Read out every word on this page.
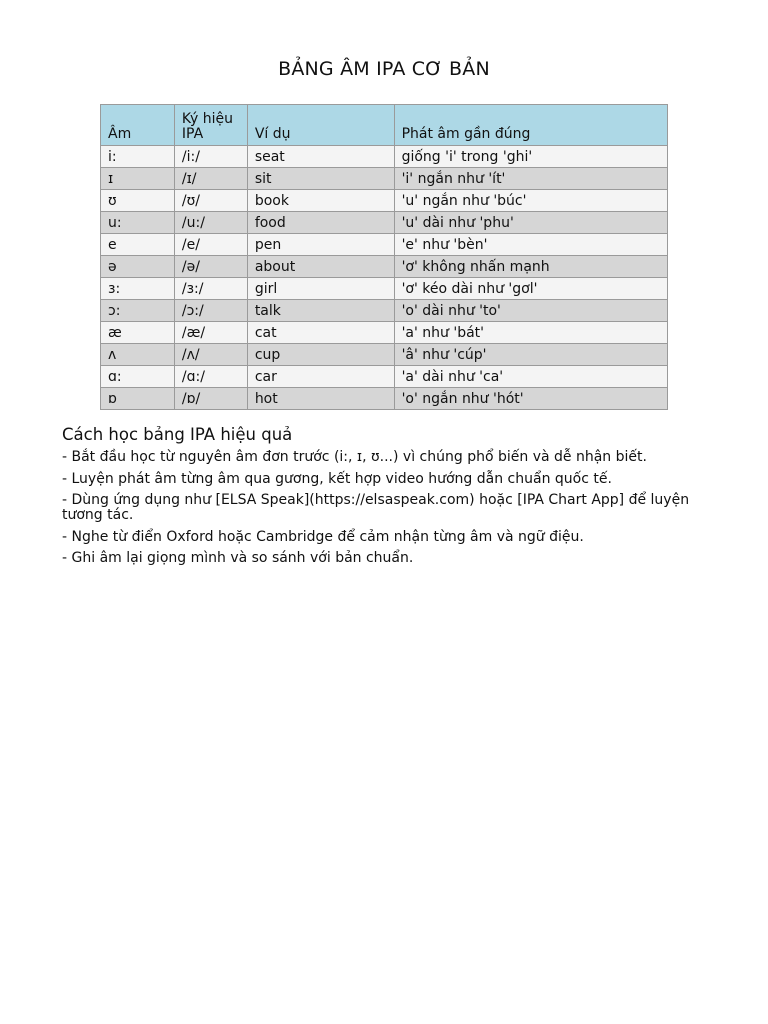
BẢNG ÂM IPA CƠ BẢN
Âm	Ký hiệu IPA	Ví dụ	Phát âm gần đúng
i:	/i:/	seat	giống 'i' trong 'ghi'
ɪ	/ɪ/	sit	'i' ngắn như 'ít'
ʊ	/ʊ/	book	'u' ngắn như 'búc'
u:	/u:/	food	'u' dài như 'phu'
e	/e/	pen	'e' như 'bèn'
ə	/ə/	about	'ơ' không nhấn mạnh
ɜ:	/ɜ:/	girl	'ơ' kéo dài như 'gơl'
ɔ:	/ɔ:/	talk	'o' dài như 'to'
æ	/æ/	cat	'a' như 'bát'
ʌ	/ʌ/	cup	'â' như 'cúp'
ɑ:	/ɑ:/	car	'a' dài như 'ca'
ɒ	/ɒ/	hot	'o' ngắn như 'hót'
Cách học bảng IPA hiệu quả
- Bắt đầu học từ nguyên âm đơn trước (i:, ɪ, ʊ...) vì chúng phổ biến và dễ nhận biết.
- Luyện phát âm từng âm qua gương, kết hợp video hướng dẫn chuẩn quốc tế.
- Dùng ứng dụng như [ELSA Speak](https://elsaspeak.com) hoặc [IPA Chart App] để luyện tương tác.
- Nghe từ điển Oxford hoặc Cambridge để cảm nhận từng âm và ngữ điệu.
- Ghi âm lại giọng mình và so sánh với bản chuẩn.
